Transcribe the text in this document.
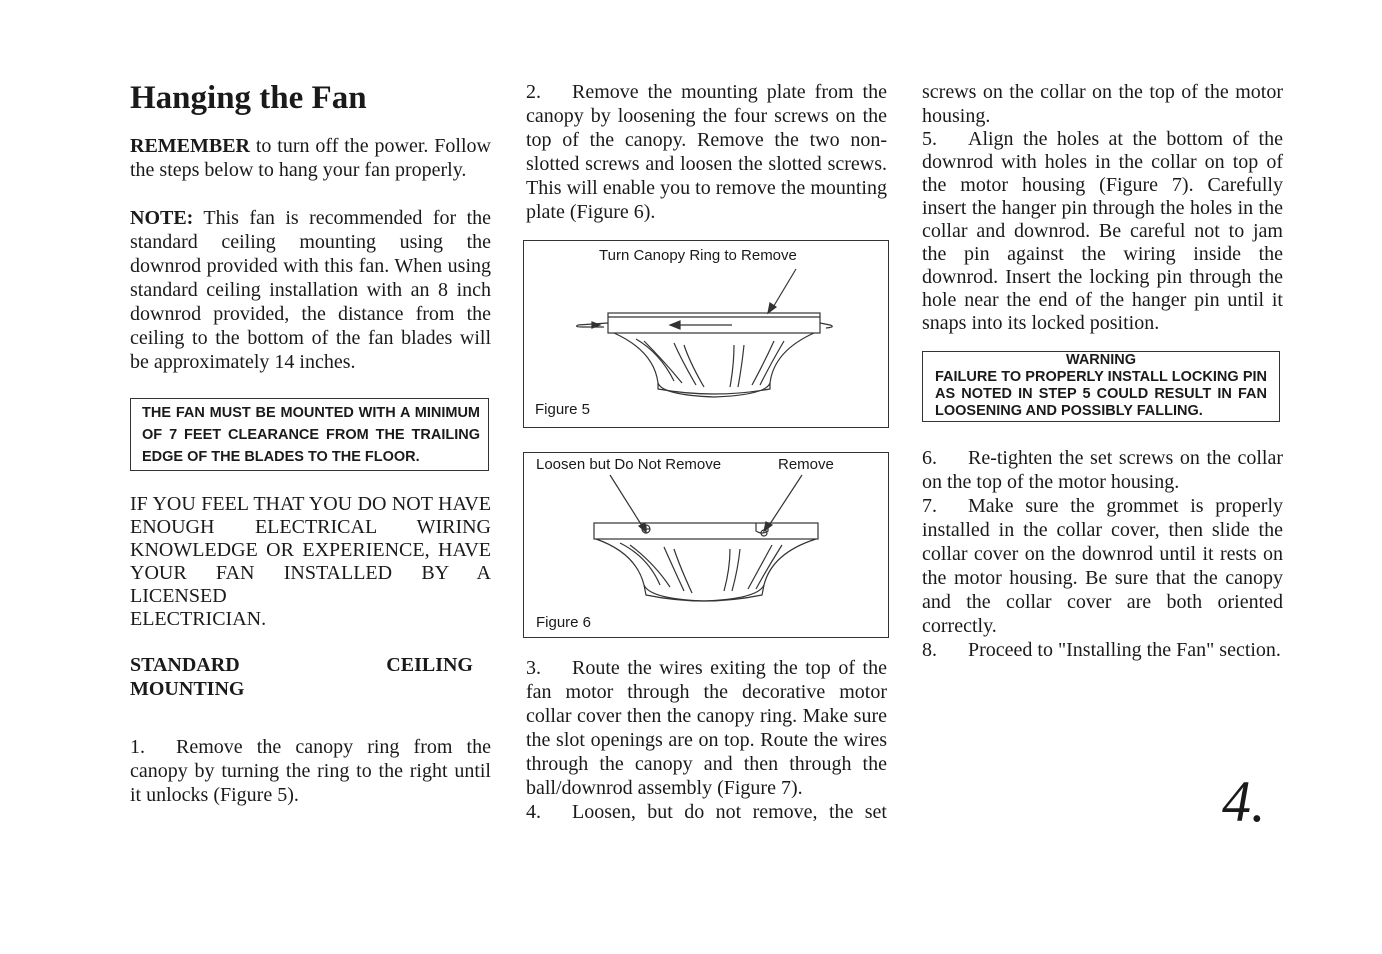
Hanging the Fan

REMEMBER to turn off the power. Follow the steps below to hang your fan properly.

NOTE: This fan is recommended for the standard ceiling mounting using the downrod provided with this fan. When using standard ceiling installation with an 8 inch downrod provided, the distance from the ceiling to the bottom of the fan blades will be approximately 14 inches.

THE FAN MUST BE MOUNTED WITH A MINIMUM OF 7 FEET CLEARANCE FROM THE TRAILING EDGE OF THE BLADES TO THE FLOOR.
IF YOU FEEL THAT YOU DO NOT HAVE ENOUGH ELECTRICAL WIRING KNOWLEDGE OR EXPERIENCE, HAVE YOUR FAN INSTALLED BY A LICENSED
ELECTRICIAN.
STANDARD	CEILING
MOUNTING

1. Remove the canopy ring from the canopy by turning the ring to the right until it unlocks (Figure 5).

2. Remove the mounting plate from the canopy by loosening the four screws on the top of the canopy. Remove the two non-slotted screws and loosen the slotted screws. This will enable you to remove the mounting plate (Figure 6).

Turn Canopy Ring to Remove
Figure 5
Loosen but Do Not Remove	Remove
Figure 6

3. Route the wires exiting the top of the fan motor through the decorative motor collar cover then the canopy ring. Make sure the slot openings are on top. Route the wires through the canopy and then through the ball/downrod assembly (Figure 7).

4. Loosen, but do not remove, the set

screws on the collar on the top of the motor housing.

5. Align the holes at the bottom of the downrod with holes in the collar on top of the motor housing (Figure 7). Carefully insert the hanger pin through the holes in the collar and downrod. Be careful not to jam the pin against the wiring inside the downrod. Insert the locking pin through the hole near the end of the hanger pin until it snaps into its locked position.

WARNING
FAILURE TO PROPERLY INSTALL LOCKING PIN AS NOTED IN STEP 5 COULD RESULT IN FAN LOOSENING AND POSSIBLY FALLING.

6. Re-tighten the set screws on the collar on the top of the motor housing.

7. Make sure the grommet is properly installed in the collar cover, then slide the collar cover on the downrod until it rests on the motor housing. Be sure that the canopy and the collar cover are both oriented correctly.

8. Proceed to "Installing the Fan" section.

4.
